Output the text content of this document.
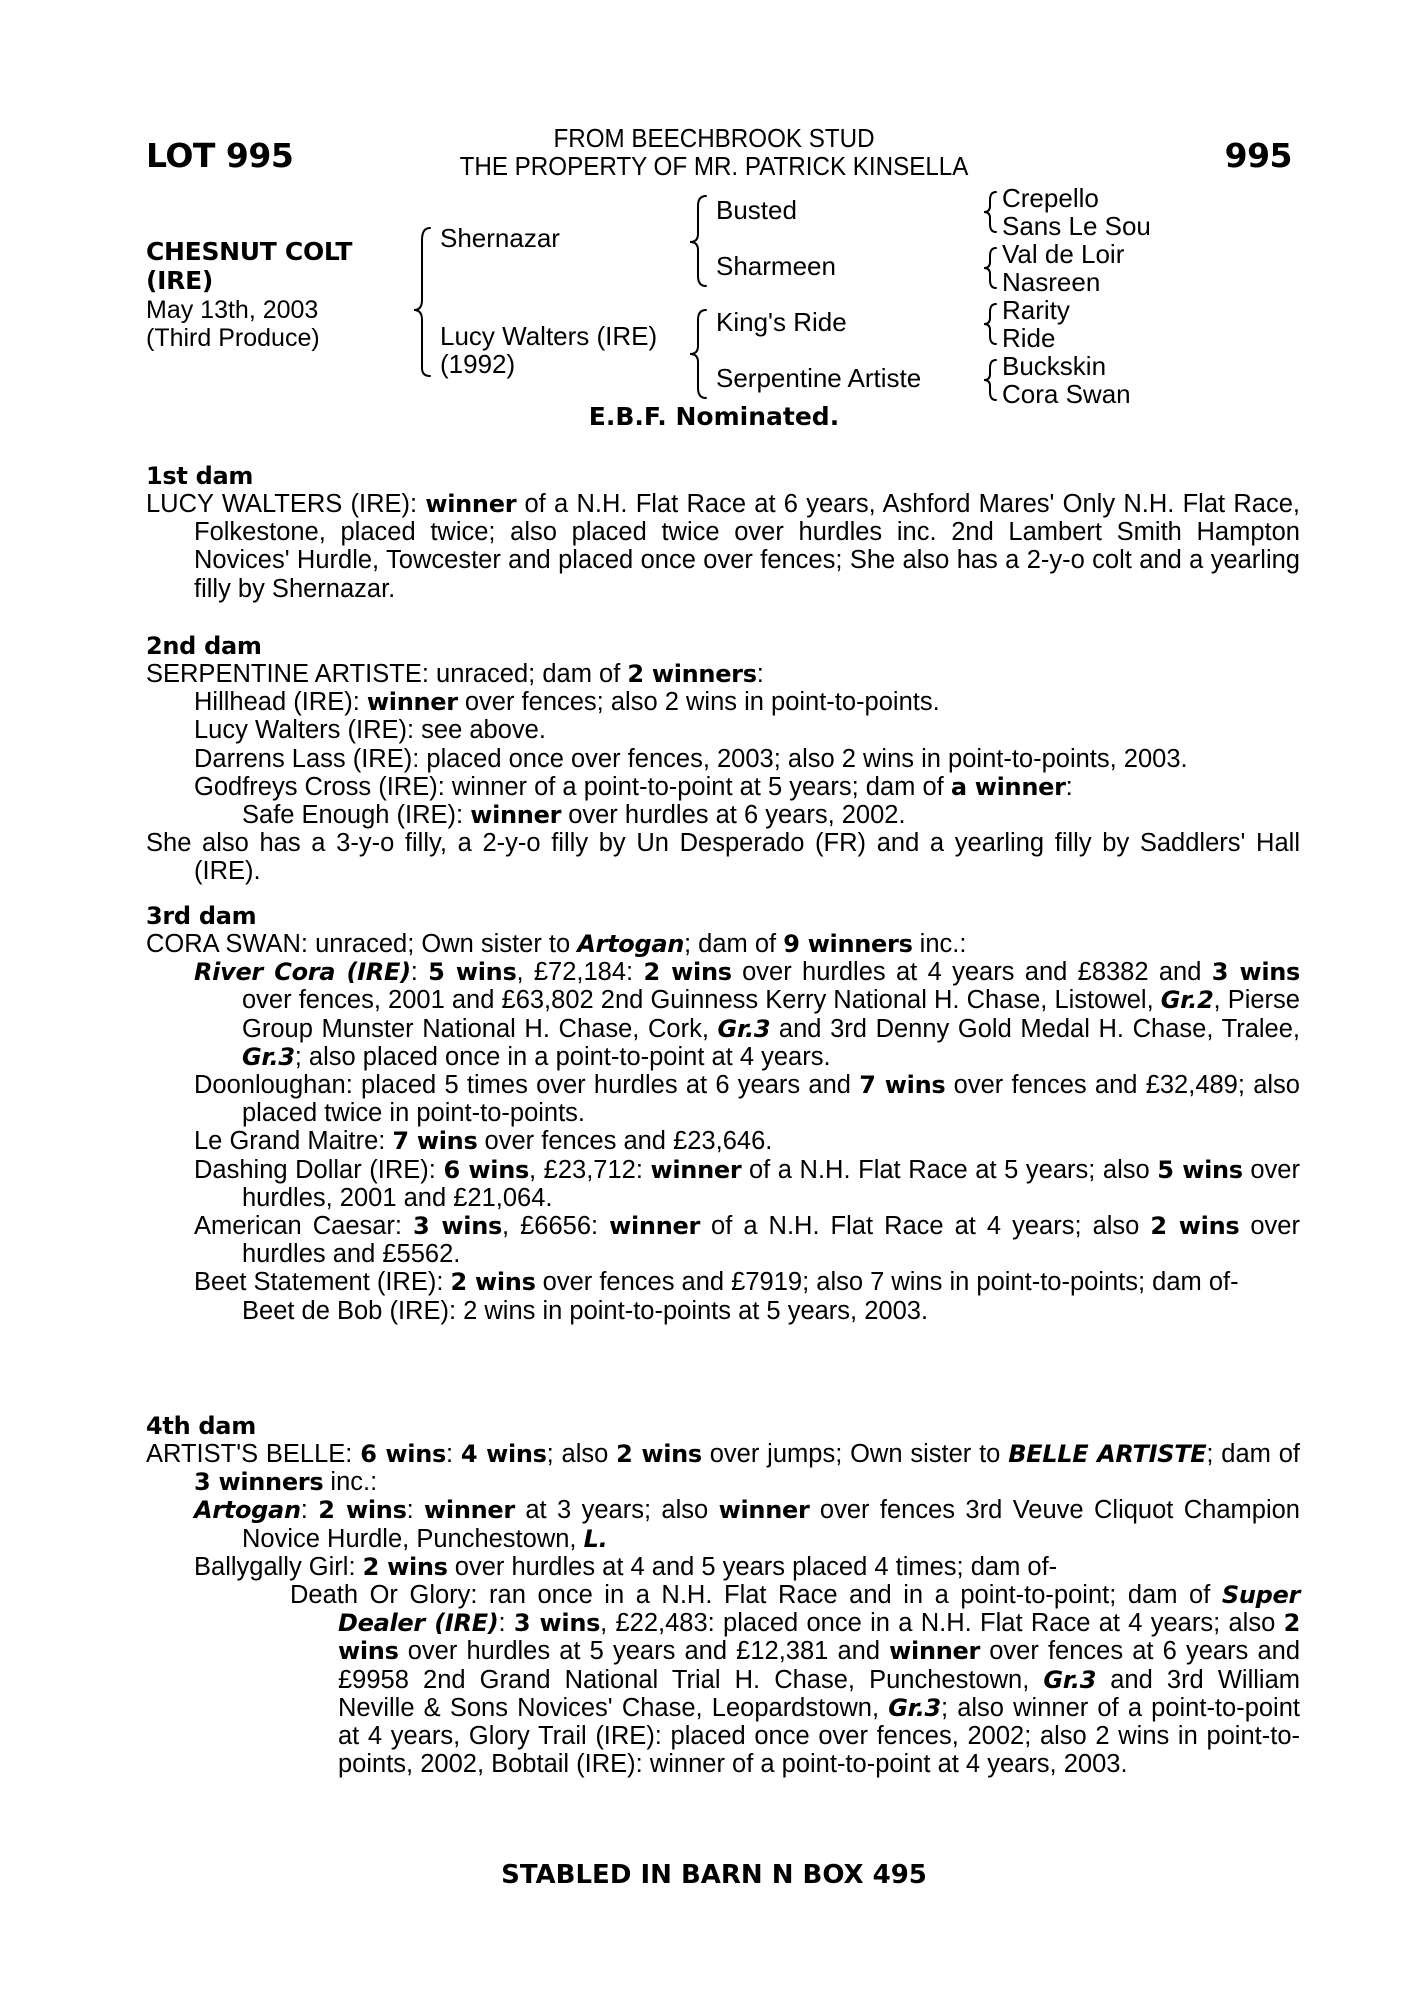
LOT 995	FROM BEECHBROOK STUD
THE PROPERTY OF MR. PATRICK KINSELLA	995
CHESNUT COLT
(IRE)
May 13th, 2003
(Third Produce)
Shernazar
Lucy Walters (IRE)
(1992)
Busted
Sharmeen
King's Ride
Serpentine Artiste
Crepello
Sans Le Sou
Val de Loir
Nasreen
Rarity
Ride
Buckskin
Cora Swan
E.B.F. Nominated.
1st dam

LUCY WALTERS (IRE): winner of a N.H. Flat Race at 6 years, Ashford Mares' Only N.H. Flat Race, Folkestone, placed twice; also placed twice over hurdles inc. 2nd Lambert Smith Hampton Novices' Hurdle, Towcester and placed once over fences; She also has a 2-y-o colt and a yearling filly by Shernazar.

2nd dam

SERPENTINE ARTISTE: unraced; dam of 2 winners:

Hillhead (IRE): winner over fences; also 2 wins in point-to-points.

Lucy Walters (IRE): see above.

Darrens Lass (IRE): placed once over fences, 2003; also 2 wins in point-to-points, 2003.

Godfreys Cross (IRE): winner of a point-to-point at 5 years; dam of a winner:

Safe Enough (IRE): winner over hurdles at 6 years, 2002.

She also has a 3-y-o filly, a 2-y-o filly by Un Desperado (FR) and a yearling filly by Saddlers' Hall (IRE).

3rd dam

CORA SWAN: unraced; Own sister to Artogan; dam of 9 winners inc.:

River Cora (IRE): 5 wins, £72,184: 2 wins over hurdles at 4 years and £8382 and 3 wins over fences, 2001 and £63,802 2nd Guinness Kerry National H. Chase, Listowel, Gr.2, Pierse Group Munster National H. Chase, Cork, Gr.3 and 3rd Denny Gold Medal H. Chase, Tralee, Gr.3; also placed once in a point-to-point at 4 years.

Doonloughan: placed 5 times over hurdles at 6 years and 7 wins over fences and £32,489; also placed twice in point-to-points.

Le Grand Maitre: 7 wins over fences and £23,646.

Dashing Dollar (IRE): 6 wins, £23,712: winner of a N.H. Flat Race at 5 years; also 5 wins over hurdles, 2001 and £21,064.

American Caesar: 3 wins, £6656: winner of a N.H. Flat Race at 4 years; also 2 wins over hurdles and £5562.

Beet Statement (IRE): 2 wins over fences and £7919; also 7 wins in point-to-points; dam of-

Beet de Bob (IRE): 2 wins in point-to-points at 5 years, 2003.

4th dam

ARTIST'S BELLE: 6 wins: 4 wins; also 2 wins over jumps; Own sister to BELLE ARTISTE; dam of 3 winners inc.:

Artogan: 2 wins: winner at 3 years; also winner over fences 3rd Veuve Cliquot Champion Novice Hurdle, Punchestown, L.

Ballygally Girl: 2 wins over hurdles at 4 and 5 years placed 4 times; dam of-

Death Or Glory: ran once in a N.H. Flat Race and in a point-to-point; dam of Super Dealer (IRE): 3 wins, £22,483: placed once in a N.H. Flat Race at 4 years; also 2 wins over hurdles at 5 years and £12,381 and winner over fences at 6 years and £9958 2nd Grand National Trial H. Chase, Punchestown, Gr.3 and 3rd William Neville & Sons Novices' Chase, Leopardstown, Gr.3; also winner of a point-to-point at 4 years, Glory Trail (IRE): placed once over fences, 2002; also 2 wins in point-to-points, 2002, Bobtail (IRE): winner of a point-to-point at 4 years, 2003.

STABLED IN BARN N BOX 495
